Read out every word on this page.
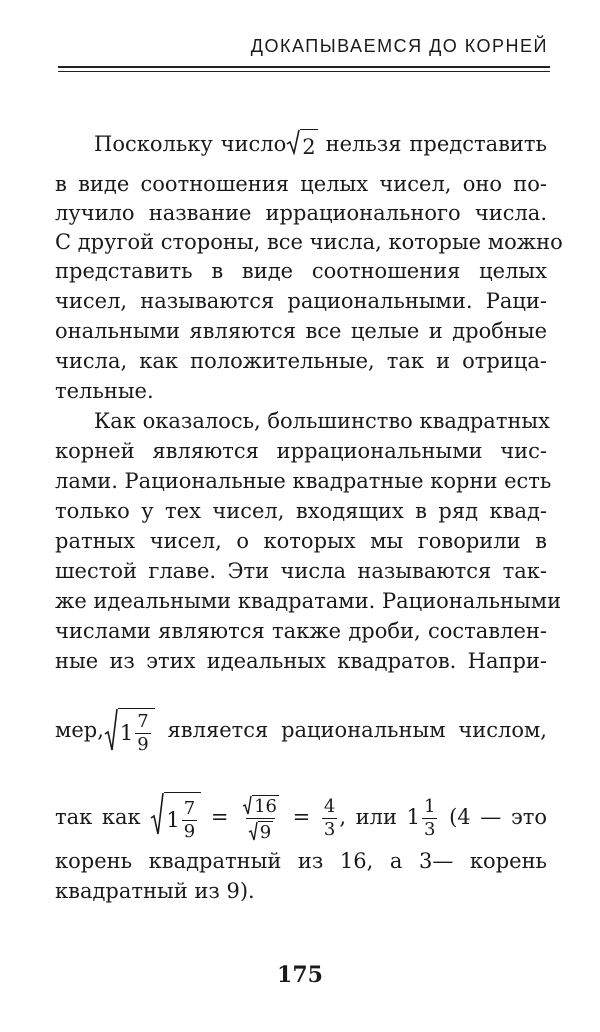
ДОКАПЫВАЕМСЯ ДО КОРНЕЙ
Поскольку число 2 нельзя представить
в виде соотношения целых чисел, оно по-
лучило название иррационального числа.
С другой стороны, все числа, которые можно
представить в виде соотношения целых
чисел, называются рациональными. Раци-
ональными являются все целые и дробные
числа, как положительные, так и отрица-
тельные.
Как оказалось, большинство квадратных
корней являются иррациональными чис-
лами. Рациональные квадратные корни есть
только у тех чисел, входящих в ряд квад-
ратных чисел, о которых мы говорили в
шестой главе. Эти числа называются так-
же идеальными квадратами. Рациональными
числами являются также дроби, составлен-
ные из этих идеальных квадратов. Напри-
мер, $1 \frac{7}{9}$ является рациональным числом,
так как $1 \frac{7}{9} = \frac{16}{9} = \frac{4}{3}$ , или $1 \frac{1}{3} (4$ — это
корень квадратный из 16, а 3— корень
квадратный из 9).
175
